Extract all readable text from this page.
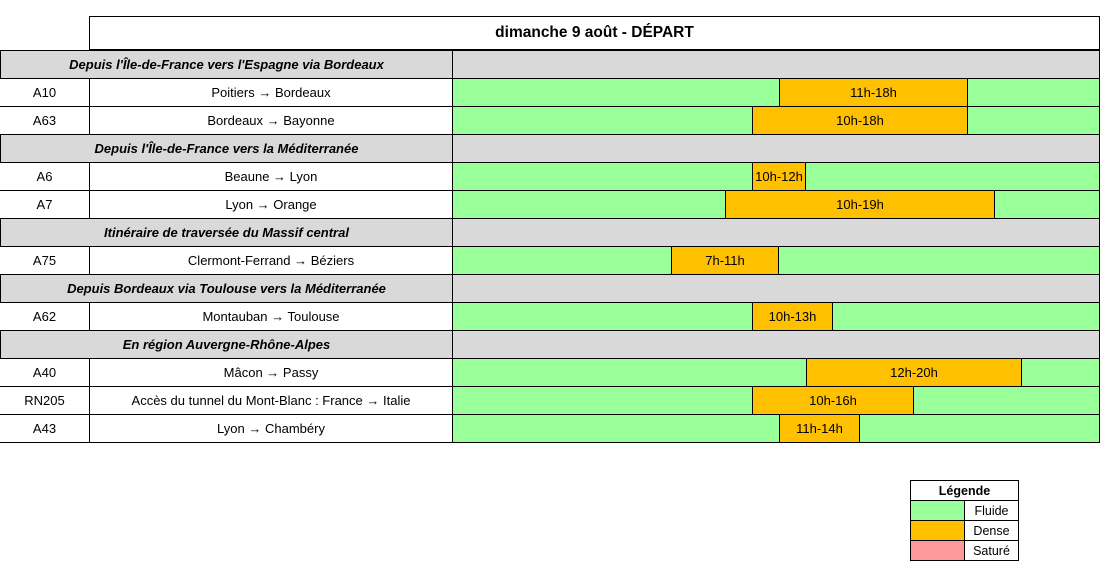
dimanche 9 août - DÉPART
Depuis l'Île-de-France vers l'Espagne via Bordeaux
A10	Poitiers → Bordeaux	11h-18h
A63	Bordeaux → Bayonne	10h-18h
Depuis l'Île-de-France vers la Méditerranée
A6	Beaune → Lyon	10h-12h
A7	Lyon → Orange	10h-19h
Itinéraire de traversée du Massif central
A75	Clermont-Ferrand → Béziers	7h-11h
Depuis Bordeaux via Toulouse vers la Méditerranée
A62	Montauban → Toulouse	10h-13h
En région Auvergne-Rhône-Alpes
A40	Mâcon → Passy	12h-20h
RN205	Accès du tunnel du Mont-Blanc : France → Italie	10h-16h
A43	Lyon → Chambéry	11h-14h
Légende
Fluide
Dense
Saturé
